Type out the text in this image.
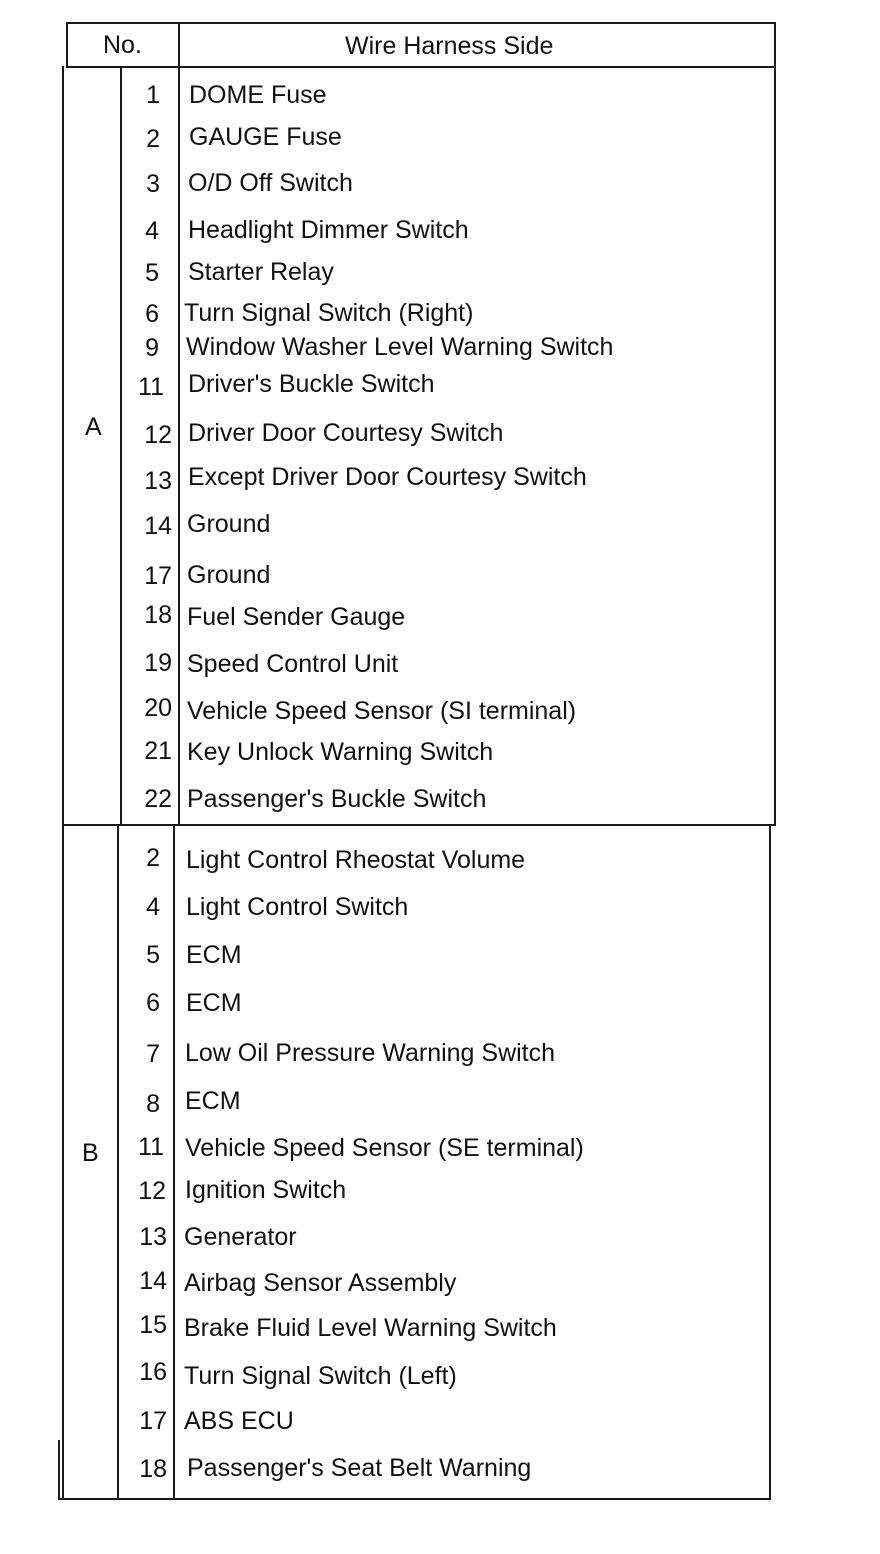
No.	Wire Harness Side
A
B
1 DOME Fuse
2 GAUGE Fuse
3 O/D Off Switch
4 Headlight Dimmer Switch
5 Starter Relay
6 Turn Signal Switch (Right)
9 Window Washer Level Warning Switch
11 Driver's Buckle Switch
12 Driver Door Courtesy Switch
13 Except Driver Door Courtesy Switch
14 Ground
17 Ground
18 Fuel Sender Gauge
19 Speed Control Unit
20 Vehicle Speed Sensor (SI terminal)
21 Key Unlock Warning Switch
22 Passenger's Buckle Switch
2 Light Control Rheostat Volume
4 Light Control Switch
5 ECM
6 ECM
7 Low Oil Pressure Warning Switch
8 ECM
11 Vehicle Speed Sensor (SE terminal)
12 Ignition Switch
13 Generator
14 Airbag Sensor Assembly
15 Brake Fluid Level Warning Switch
16 Turn Signal Switch (Left)
17 ABS ECU
18 Passenger's Seat Belt Warning
